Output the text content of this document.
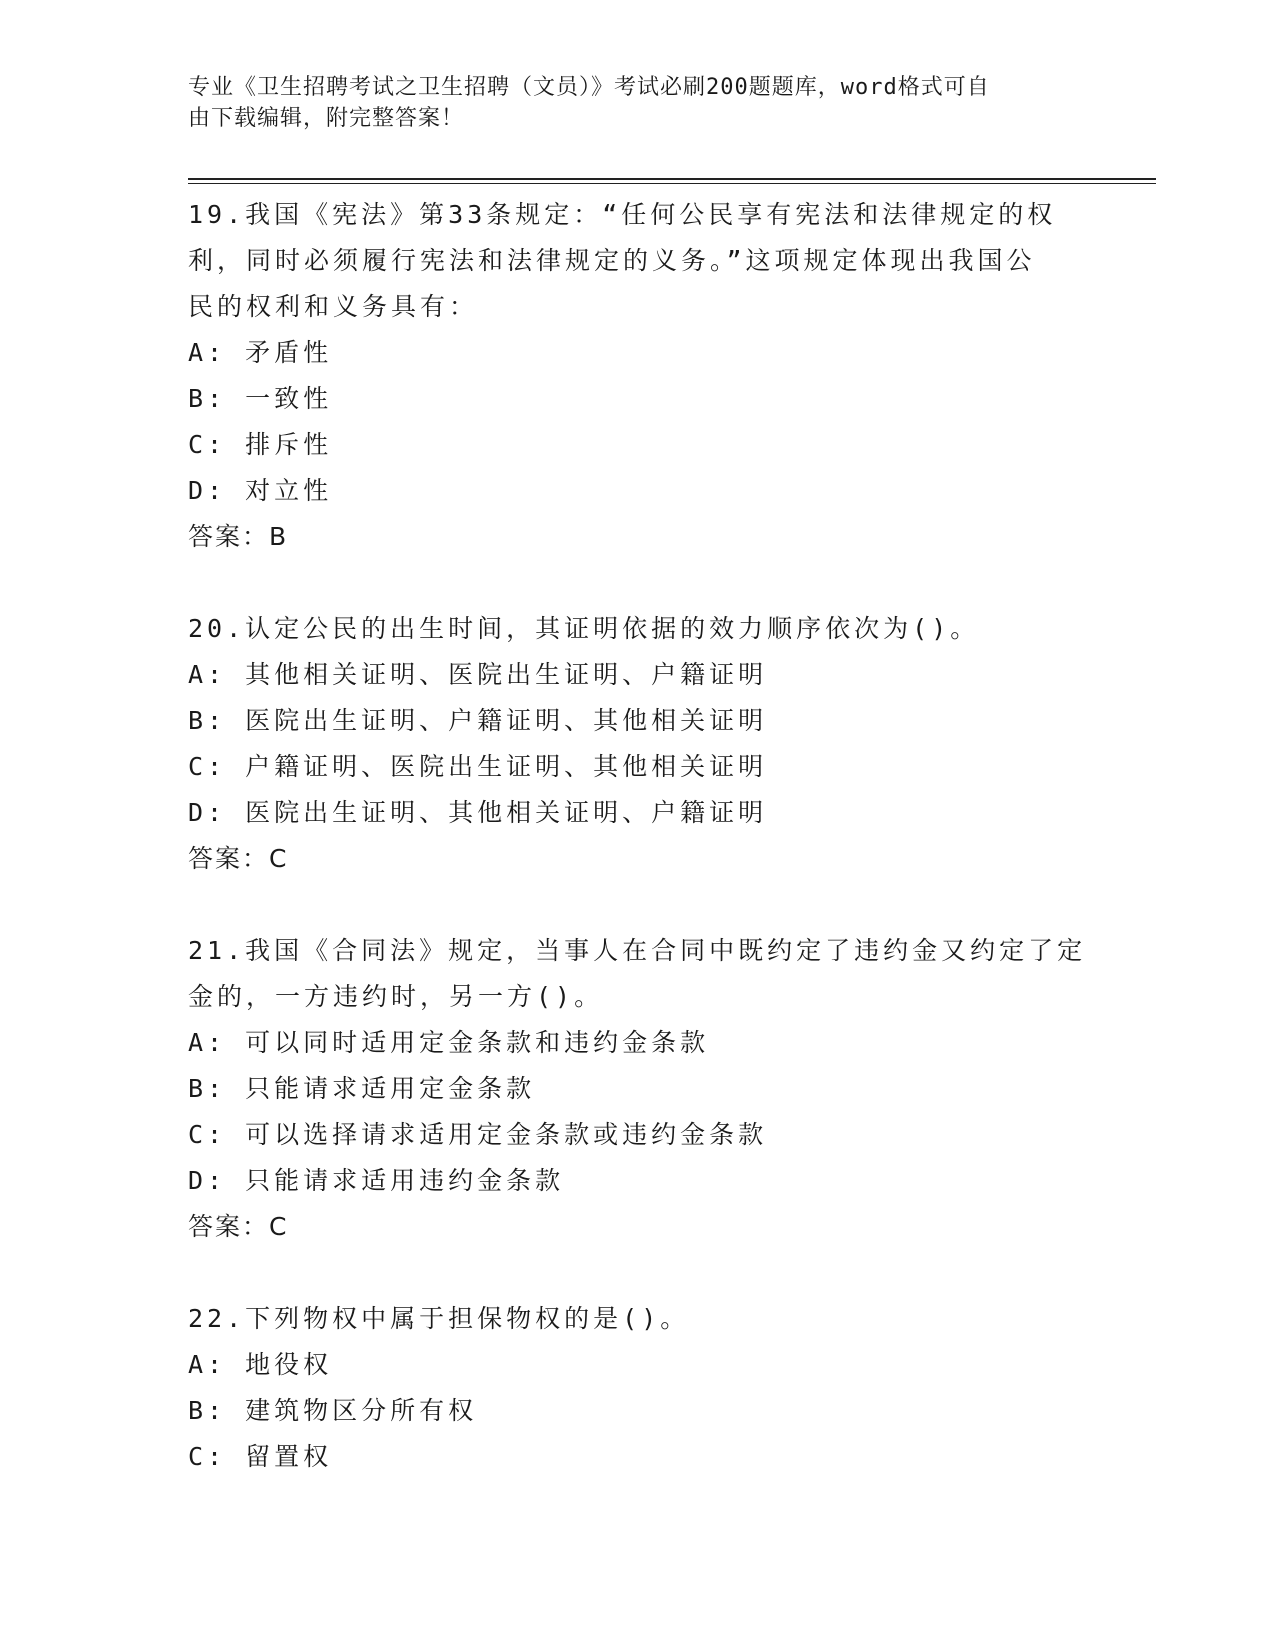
专业《卫生招聘考试之卫生招聘（文员）》考试必刷200题题库，word格式可自
由下载编辑，附完整答案！
19.我国《宪法》第33条规定：“任何公民享有宪法和法律规定的权
利，同时必须履行宪法和法律规定的义务。”这项规定体现出我国公
民的权利和义务具有：
A: 矛盾性
B: 一致性
C: 排斥性
D: 对立性
答案：B
20.认定公民的出生时间，其证明依据的效力顺序依次为()。
A: 其他相关证明、医院出生证明、户籍证明
B: 医院出生证明、户籍证明、其他相关证明
C: 户籍证明、医院出生证明、其他相关证明
D: 医院出生证明、其他相关证明、户籍证明
答案：C
21.我国《合同法》规定，当事人在合同中既约定了违约金又约定了定
金的，一方违约时，另一方()。
A: 可以同时适用定金条款和违约金条款
B: 只能请求适用定金条款
C: 可以选择请求适用定金条款或违约金条款
D: 只能请求适用违约金条款
答案：C
22.下列物权中属于担保物权的是()。
A: 地役权
B: 建筑物区分所有权
C: 留置权
